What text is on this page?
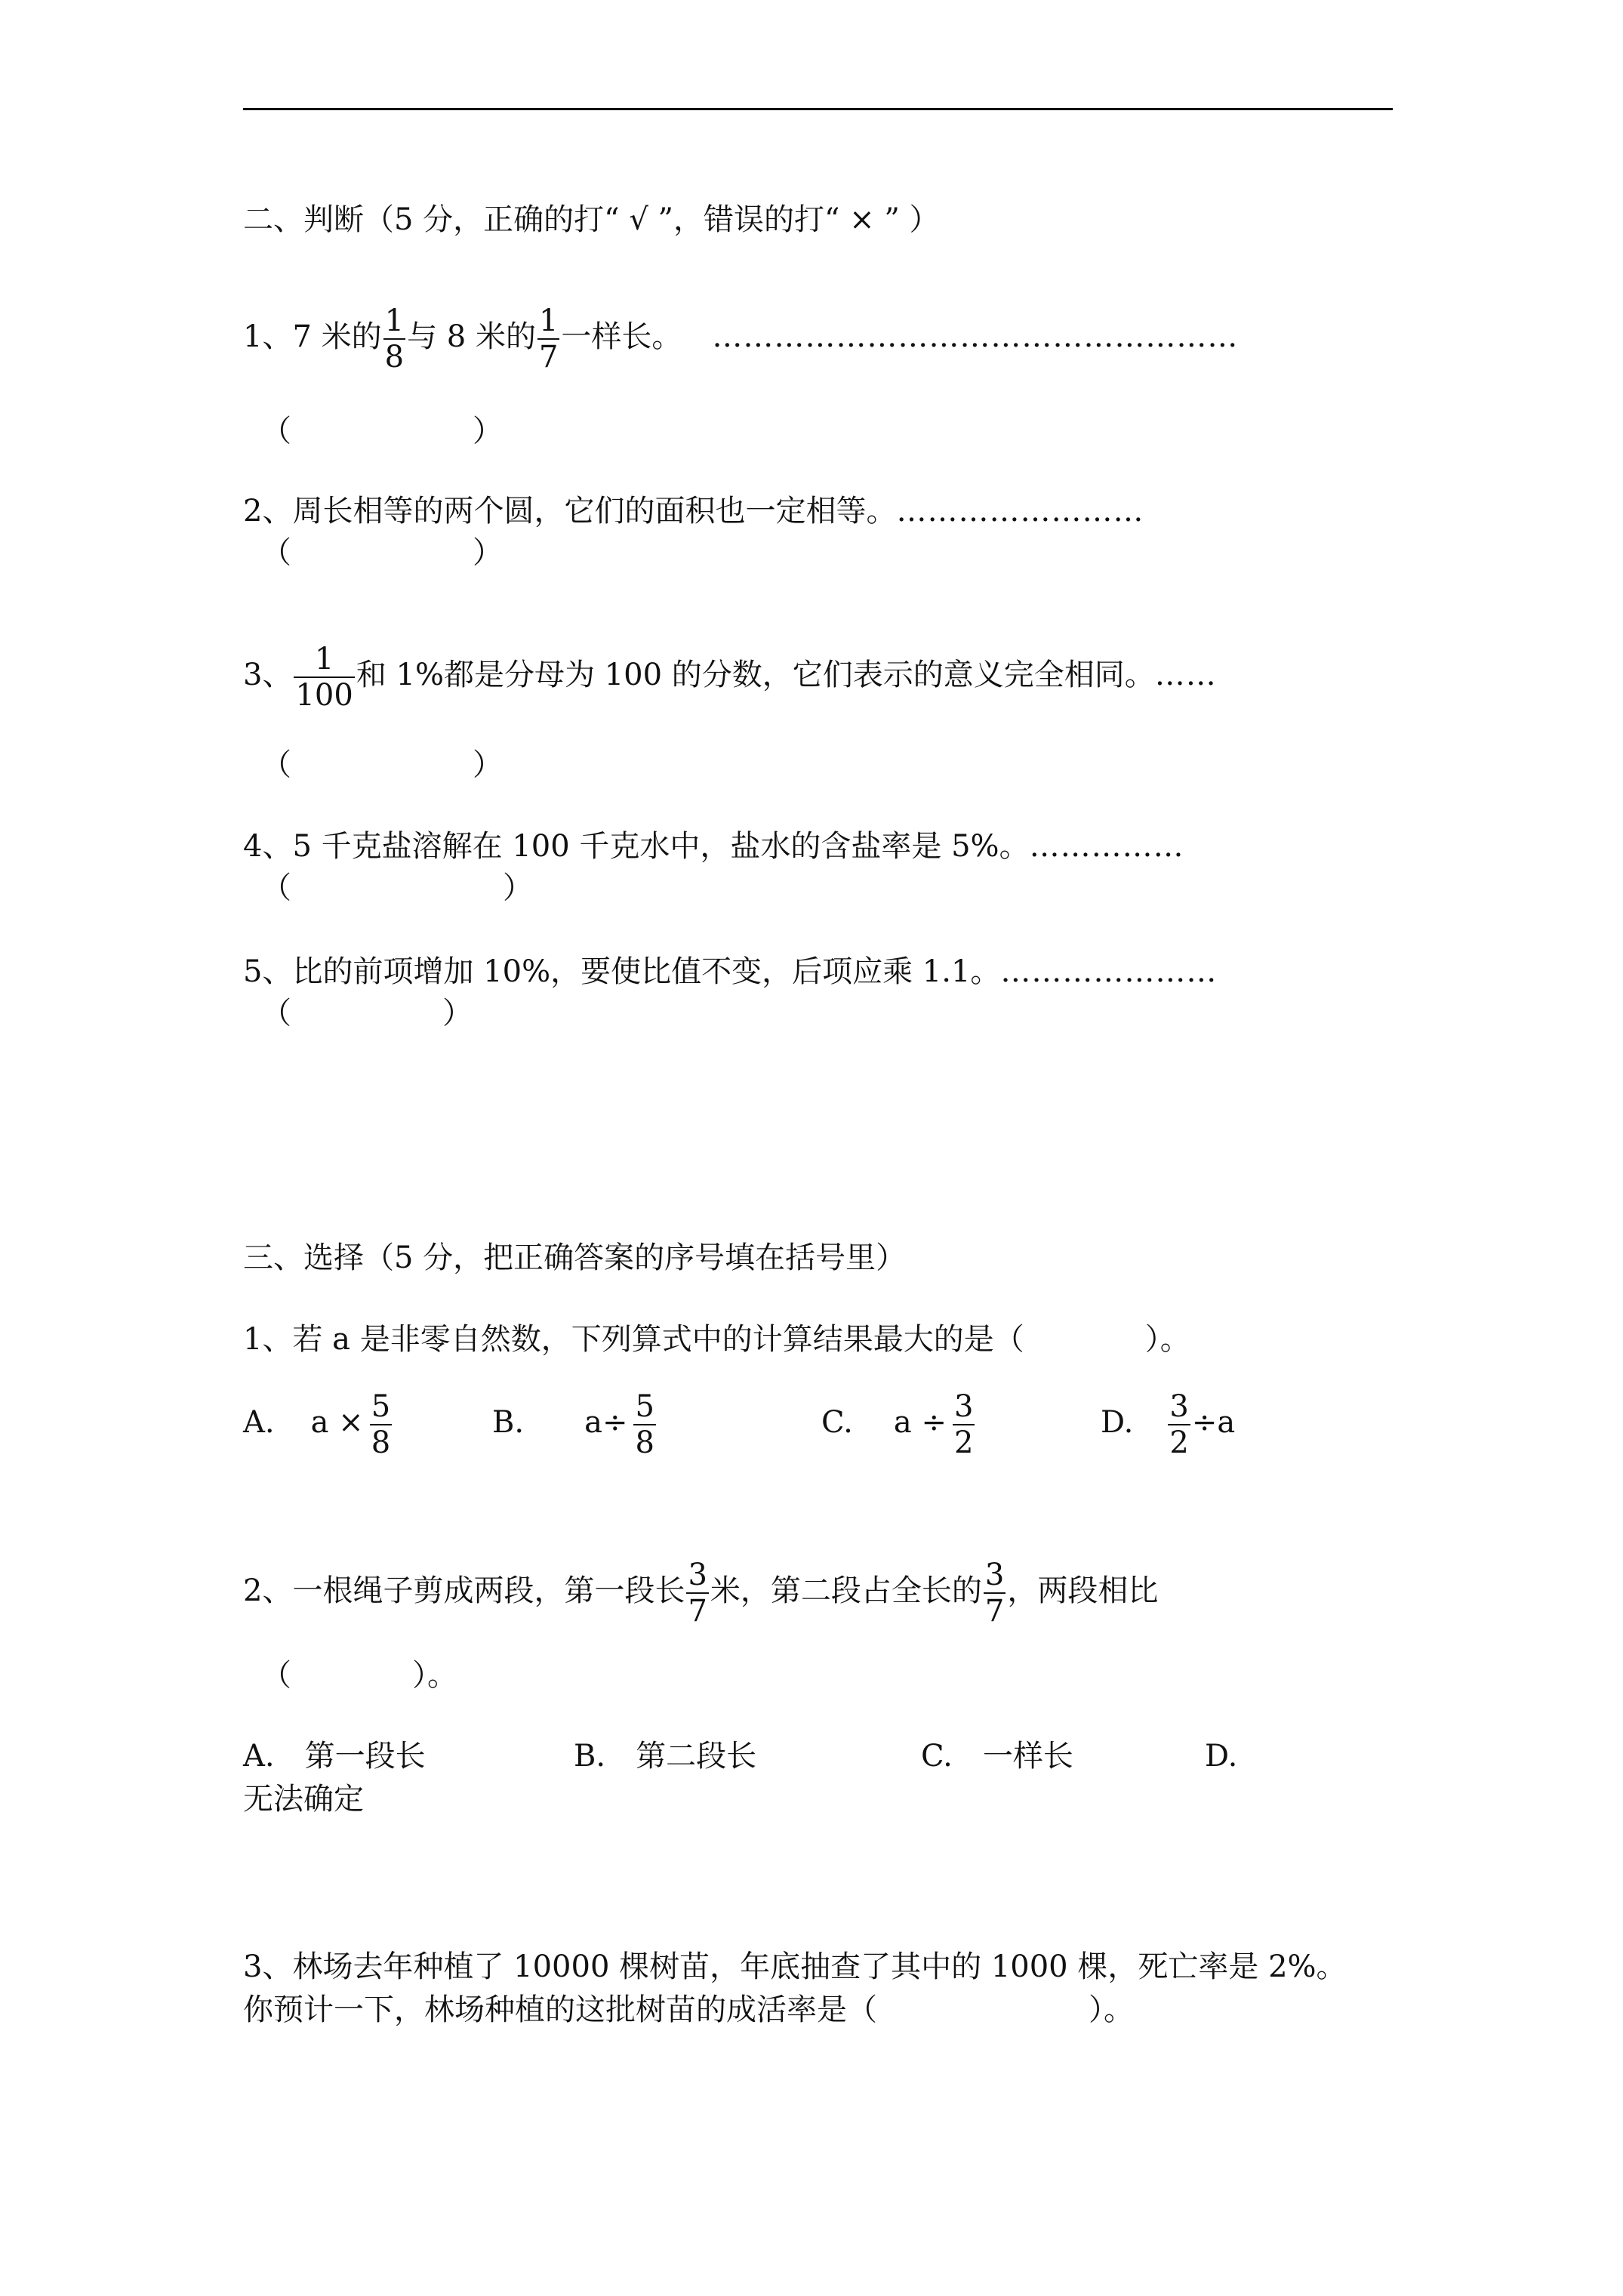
二、判断（5 分，正确的打“ √ ”，错误的打“ × ” ）
1、7 米的 $\frac{1}{8}$ 与 8 米的 $\frac{1}{7}$ 一样长。 ……………………………………………
（　　　　　　）
2、周长相等的两个圆，它们的面积也一定相等。……………………
（　　　　　　）
3、 $\frac{1}{100}$ 和 1%都是分母为 100 的分数，它们表示的意义完全相同。……
（　　　　　　）
4、5 千克盐溶解在 100 千克水中，盐水的含盐率是 5%。……………
（　　　　　　　）
5、比的前项增加 10%，要使比值不变，后项应乘 1.1。…………………
（　　　　　）
三、选择（5 分，把正确答案的序号填在括号里）
1、若 a 是非零自然数，下列算式中的计算结果最大的是（　　　　）。
A. $a \times \frac{5}{8}$	B. $a\div \frac{5}{8}$	C. $a \div \frac{3}{2}$	D. $\frac{3}{2} \div a$
2、一根绳子剪成两段，第一段长 $\frac{3}{7}$ 米，第二段占全长的 $\frac{3}{7}$ ，两段相比
（　　　　）。
A.　第一段长	B.　第二段长	C.　一样长	D.
无法确定
3、林场去年种植了 10000 棵树苗，年底抽查了其中的 1000 棵，死亡率是 2%。
你预计一下，林场种植的这批树苗的成活率是（　　　　　　　）。
